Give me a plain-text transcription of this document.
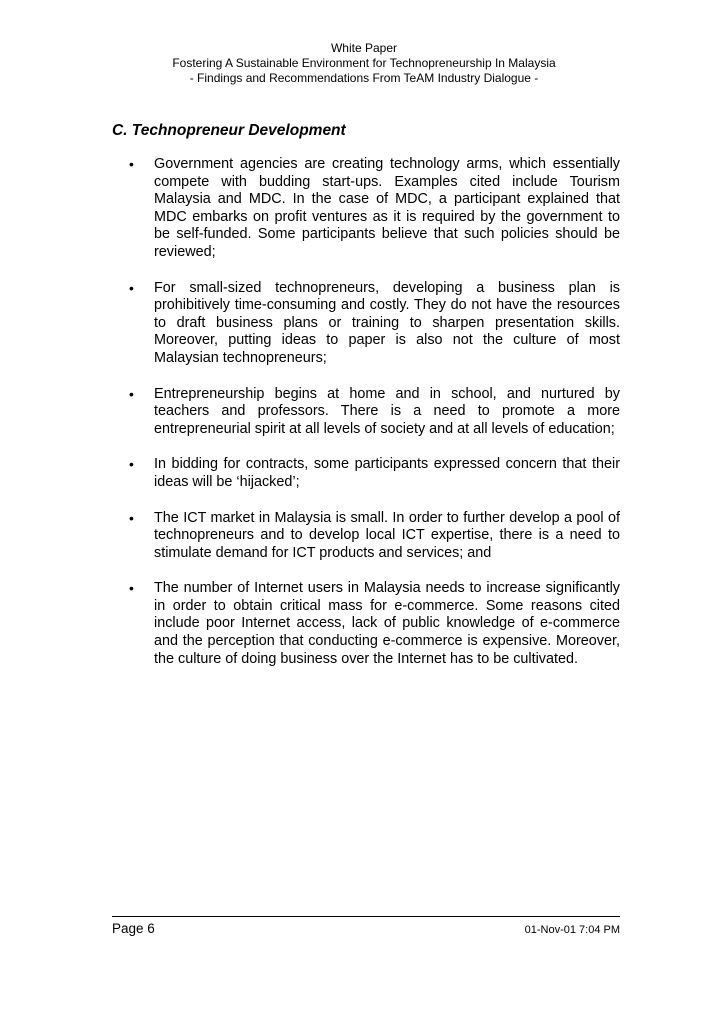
White Paper
Fostering A Sustainable Environment for Technopreneurship In Malaysia
- Findings and Recommendations From TeAM Industry Dialogue -
C. Technopreneur Development
• Government agencies are creating technology arms, which essentially compete with budding start-ups. Examples cited include Tourism Malaysia and MDC. In the case of MDC, a participant explained that MDC embarks on profit ventures as it is required by the government to be self-funded. Some participants believe that such policies should be reviewed;
• For small-sized technopreneurs, developing a business plan is prohibitively time-consuming and costly. They do not have the resources to draft business plans or training to sharpen presentation skills. Moreover, putting ideas to paper is also not the culture of most Malaysian technopreneurs;
• Entrepreneurship begins at home and in school, and nurtured by teachers and professors. There is a need to promote a more entrepreneurial spirit at all levels of society and at all levels of education;
• In bidding for contracts, some participants expressed concern that their ideas will be ‘hijacked’;
• The ICT market in Malaysia is small. In order to further develop a pool of technopreneurs and to develop local ICT expertise, there is a need to stimulate demand for ICT products and services; and
• The number of Internet users in Malaysia needs to increase significantly in order to obtain critical mass for e-commerce. Some reasons cited include poor Internet access, lack of public knowledge of e-commerce and the perception that conducting e-commerce is expensive. Moreover, the culture of doing business over the Internet has to be cultivated.
Page 6	01-Nov-01 7:04 PM
